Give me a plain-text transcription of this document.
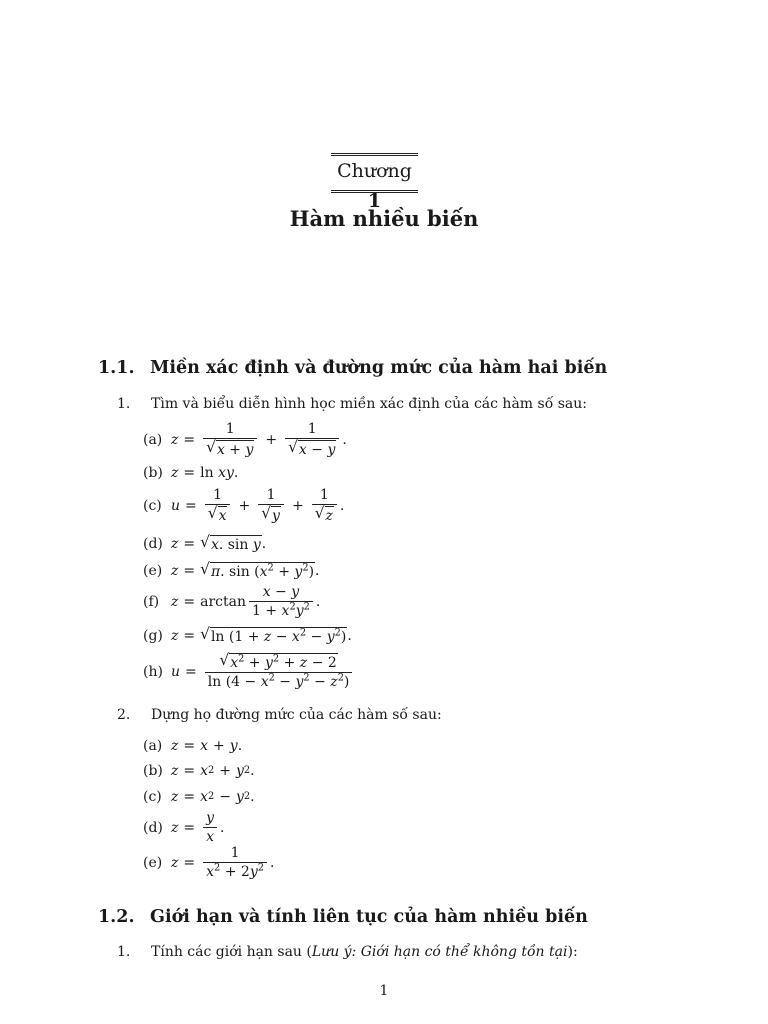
Chương 1
Hàm nhiều biến
1.1. Miền xác định và đường mức của hàm hai biến
1. Tìm và biểu diễn hình học miền xác định của các hàm số sau:
(a) $z = \frac{1}{√ x + y} + \frac{1}{√ x - y}$ .
(b) z = ln
xy .
(c) $u = \frac{1}{√ x} + \frac{1}{√ y} + \frac{1}{√ z}$ .
(d) z = √ x. sin y .
(e) z = √ π. $\sin (x^2 + y^2)$ .
(f) $z = \arctan \frac{x - y}{1 + x^2y^2}$ .
(g) z = √ $\ln (1 + z - x^2 - y^2)$ .
(h) $u = \frac{√ x^2 + y^2 + z - 2}{\ln (4 - x^2 - y^2 - z^2)}$
2. Dựng họ đường mức của các hàm số sau:
(a) z = x + y .
(b) z = x 2 + y 2 .
(c) z = x 2 − y 2 .
(d) $z = \frac{y}{x}$ .
(e) $z = \frac{1}{x^2 + 2y^2}$ .
1.2. Giới hạn và tính liên tục của hàm nhiều biến
1. Tính các giới hạn sau (Lưu ý: Giới hạn có thể không tồn tại):
1
